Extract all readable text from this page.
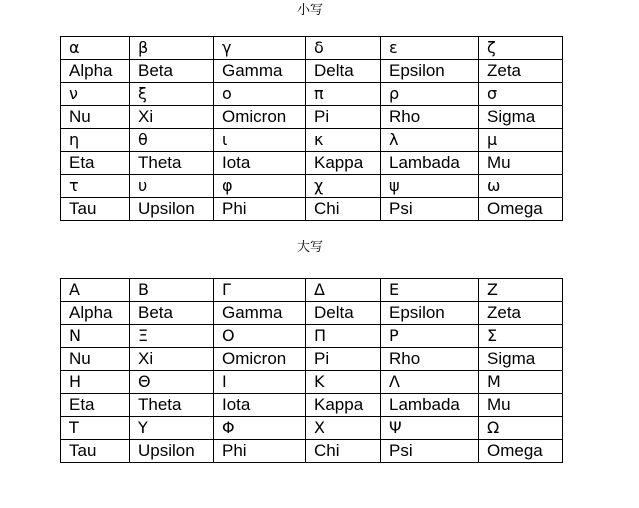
小写
α	β	γ	δ	ε	ζ
Alpha	Beta	Gamma	Delta	Epsilon	Zeta
ν	ξ	ο	π	ρ	σ
Nu	Xi	Omicron	Pi	Rho	Sigma
η	θ	ι	κ	λ	μ
Eta	Theta	Iota	Kappa	Lambada	Mu
τ	υ	φ	χ	ψ	ω
Tau	Upsilon	Phi	Chi	Psi	Omega
大写
Α	Β	Γ	Δ	Ε	Ζ
Alpha	Beta	Gamma	Delta	Epsilon	Zeta
Ν	Ξ	Ο	Π	Ρ	Σ
Nu	Xi	Omicron	Pi	Rho	Sigma
Η	Θ	Ι	Κ	Λ	Μ
Eta	Theta	Iota	Kappa	Lambada	Mu
Τ	Υ	Φ	Χ	Ψ	Ω
Tau	Upsilon	Phi	Chi	Psi	Omega
